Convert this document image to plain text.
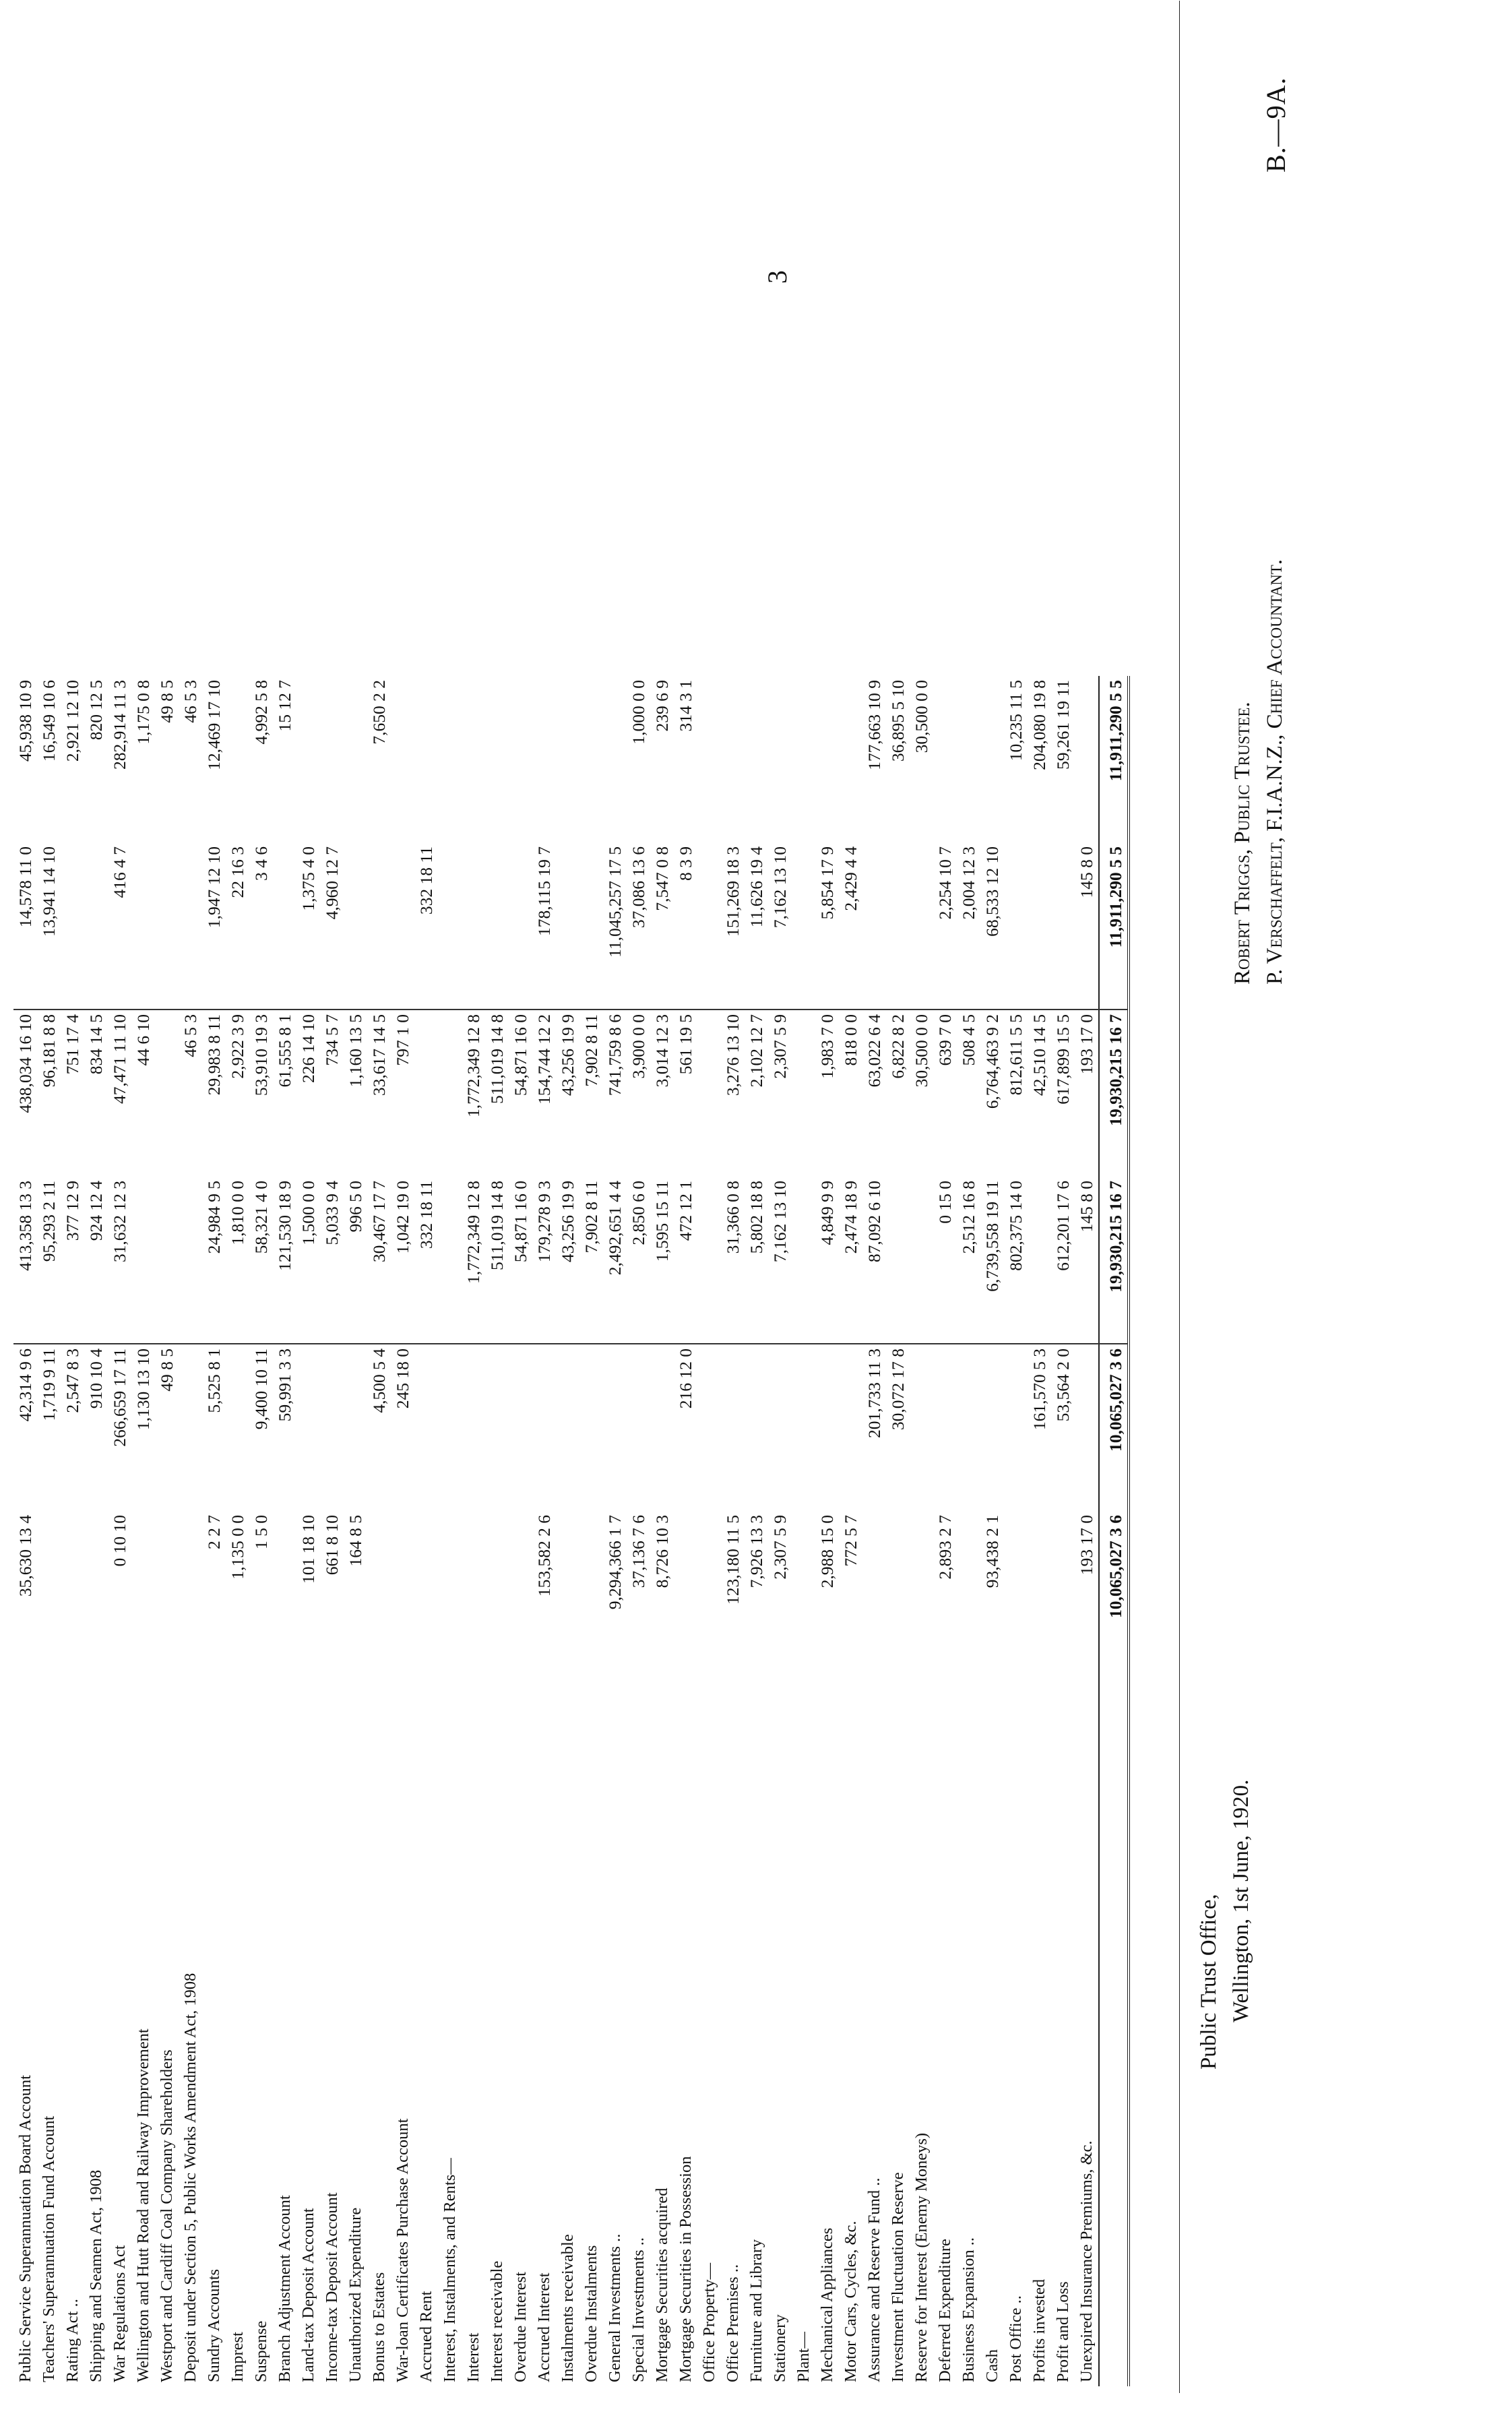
3
B.—9A.
Public Service Superannuation Board Account	35,630 13 4	42,314 9 6	413,358 13 3	438,034 16 10	14,578 11 0	45,938 10 9
Teachers' Superannuation Fund Account		1,719 9 11	95,293 2 11	96,181 8 8	13,941 14 10	16,549 10 6
Rating Act ..		2,547 8 3	377 12 9	751 17 4		2,921 12 10
Shipping and Seamen Act, 1908		910 10 4	924 12 4	834 14 5		820 12 5
War Regulations Act	0 10 10	266,659 17 11	31,632 12 3	47,471 11 10	416 4 7	282,914 11 3
Wellington and Hutt Road and Railway Improvement		1,130 13 10		44 6 10		1,175 0 8
Westport and Cardiff Coal Company Shareholders		49 8 5				49 8 5
Deposit under Section 5, Public Works Amendment Act, 1908				46 5 3		46 5 3
Sundry Accounts	2 2 7	5,525 8 1	24,984 9 5	29,983 8 11	1,947 12 10	12,469 17 10
Imprest	1,135 0 0		1,810 0 0	2,922 3 9	22 16 3	
Suspense	1 5 0	9,400 10 11	58,321 4 0	53,910 19 3	3 4 6	4,992 5 8
Branch Adjustment Account		59,991 3 3	121,530 18 9	61,555 8 1		15 12 7
Land-tax Deposit Account	101 18 10		1,500 0 0	226 14 10	1,375 4 0	
Income-tax Deposit Account	661 8 10		5,033 9 4	734 5 7	4,960 12 7	
Unauthorized Expenditure	164 8 5		996 5 0	1,160 13 5		
Bonus to Estates		4,500 5 4	30,467 17 7	33,617 14 5		7,650 2 2
War-loan Certificates Purchase Account		245 18 0	1,042 19 0	797 1 0		
Accrued Rent			332 18 11		332 18 11	
Interest, Instalments, and Rents—						
Interest			1,772,349 12 8	1,772,349 12 8		
Interest receivable			511,019 14 8	511,019 14 8		
Overdue Interest			54,871 16 0	54,871 16 0		
Accrued Interest	153,582 2 6		179,278 9 3	154,744 12 2	178,115 19 7	
Instalments receivable			43,256 19 9	43,256 19 9		
Overdue Instalments			7,902 8 11	7,902 8 11		
General Investments ..	9,294,366 1 7		2,492,651 4 4	741,759 8 6	11,045,257 17 5	
Special Investments ..	37,136 7 6		2,850 6 0	3,900 0 0	37,086 13 6	1,000 0 0
Mortgage Securities acquired	8,726 10 3		1,595 15 11	3,014 12 3	7,547 0 8	239 6 9
Mortgage Securities in Possession		216 12 0	472 12 1	561 19 5	8 3 9	314 3 1
Office Property—						
Office Premises ..	123,180 11 5		31,366 0 8	3,276 13 10	151,269 18 3	
Furniture and Library	7,926 13 3		5,802 18 8	2,102 12 7	11,626 19 4	
Stationery	2,307 5 9		7,162 13 10	2,307 5 9	7,162 13 10	
Plant—						
Mechanical Appliances	2,988 15 0		4,849 9 9	1,983 7 0	5,854 17 9	
Motor Cars, Cycles, &c.	772 5 7		2,474 18 9	818 0 0	2,429 4 4	
Assurance and Reserve Fund ..		201,733 11 3	87,092 6 10	63,022 6 4		177,663 10 9
Investment Fluctuation Reserve		30,072 17 8		6,822 8 2		36,895 5 10
Reserve for Interest (Enemy Moneys)				30,500 0 0		30,500 0 0
Deferred Expenditure	2,893 2 7		0 15 0	639 7 0	2,254 10 7	
Business Expansion ..			2,512 16 8	508 4 5	2,004 12 3	
Cash	93,438 2 1		6,739,558 19 11	6,764,463 9 2	68,533 12 10	
Post Office ..			802,375 14 0	812,611 5 5		10,235 11 5
Profits invested		161,570 5 3		42,510 14 5		204,080 19 8
Profit and Loss		53,564 2 0	612,201 17 6	617,899 15 5		59,261 19 11
Unexpired Insurance Premiums, &c.	193 17 0		145 8 0	193 17 0	145 8 0	
	10,065,027 3 6	10,065,027 3 6	19,930,215 16 7	19,930,215 16 7	11,911,290 5 5	11,911,290 5 5
Public Trust Office, Wellington, 1st June, 1920.
Robert Triggs, Public Trustee. P. Verschaffelt, F.I.A.N.Z., Chief Accountant.
